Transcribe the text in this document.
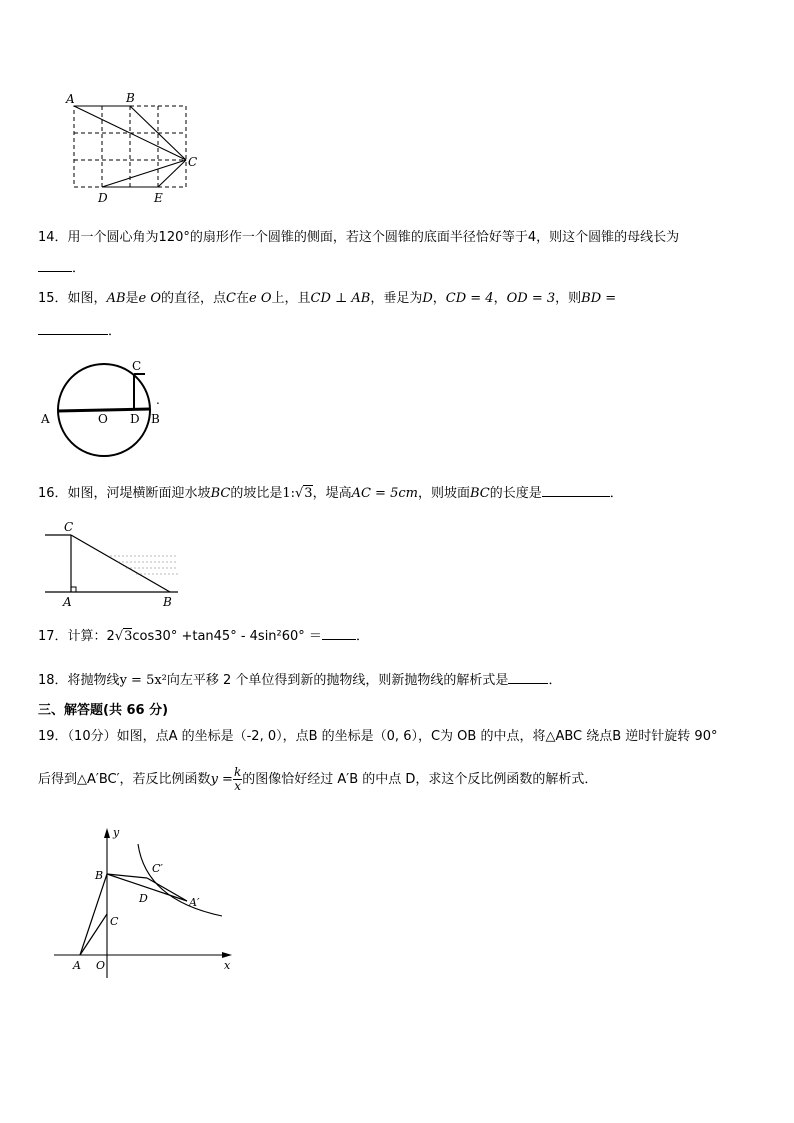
A	B
C
D	E
14．用一个圆心角为120°的扇形作一个圆锥的侧面，若这个圆锥的底面半径恰好等于4，则这个圆锥的母线长为
．
15．如图，AB是e O的直径，点C在e O上，且CD ⊥ AB，垂足为D，CD = 4，OD = 3，则BD =
．
A	O D B
C
.
16．如图，河堤横断面迎水坡BC的坡比是1:√3，堤高AC = 5cm，则坡面BC的长度是	．
C
A	B
17．计算：2√3cos30° +tan45° - 4sin²60° ＝	．
18．将抛物线y = 5x²向左平移 2 个单位得到新的抛物线，则新抛物线的解析式是	．
三、解答题(共 66 分)
19．（10分）如图，点A 的坐标是（-2, 0），点B 的坐标是（0, 6），C为 OB 的中点，将△ABC 绕点B 逆时针旋转 90°
后得到△A′BC′，若反比例函数$y = \frac{k}{x}$ 的图像恰好经过 A′B 的中点 D，求这个反比例函数的解析式．
y
x
B
C
A O
C′
D	A′
